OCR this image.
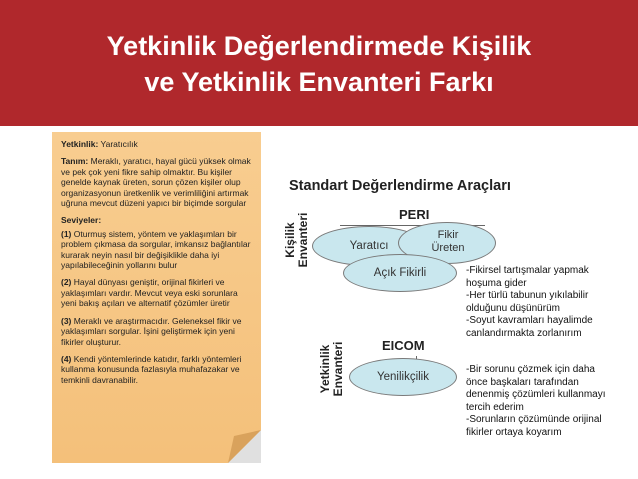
Yetkinlik Değerlendirmede Kişilik
ve Yetkinlik Envanteri Farkı

Yetkinlik: Yaratıcılık

Tanım: Meraklı, yaratıcı, hayal gücü yüksek olmak ve pek çok yeni fikre sahip olmaktır. Bu kişiler genelde kaynak üreten, sorun çözen kişiler olup organizasyonun üretkenlik ve verimliliğini artırmak uğruna mevcut düzeni yapıcı bir biçimde sorgular

Seviyeler:

(1) Oturmuş sistem, yöntem ve yaklaşımları bir problem çıkmasa da sorgular, imkansız bağlantılar kurarak neyin nasıl bir değişiklikle daha iyi yapılabileceğinin yollarını bulur

(2) Hayal dünyası geniştir, orijinal fikirleri ve yaklaşımları vardır. Mevcut veya eski sorunlara yeni bakış açıları ve alternatif çözümler üretir

(3) Meraklı ve araştırmacıdır. Geleneksel fikir ve yaklaşımları sorgular. İşini geliştirmek için yeni fikirler oluşturur.

(4) Kendi yöntemlerinde katıdır, farklı yöntemleri kullanma konusunda fazlasıyla muhafazakar ve temkinli davranabilir.

Standart Değerlendirme Araçları
Kişilik Envanteri
Yetkinlik Envanteri
PERI
Yaratıcı
Fikir
Üreten
Açık Fikirli	-Fikirsel tartışmalar yapmak
hoşuma gider
-Her türlü tabunun yıkılabilir
olduğunu düşünürüm
-Soyut kavramları hayalimde
canlandırmakta zorlanırım
EICOM
Yenilikçilik
-Bir sorunu çözmek için daha
önce başkaları tarafından
denenmiş çözümleri kullanmayı
tercih ederim
-Sorunların çözümünde orijinal
fikirler ortaya koyarım
